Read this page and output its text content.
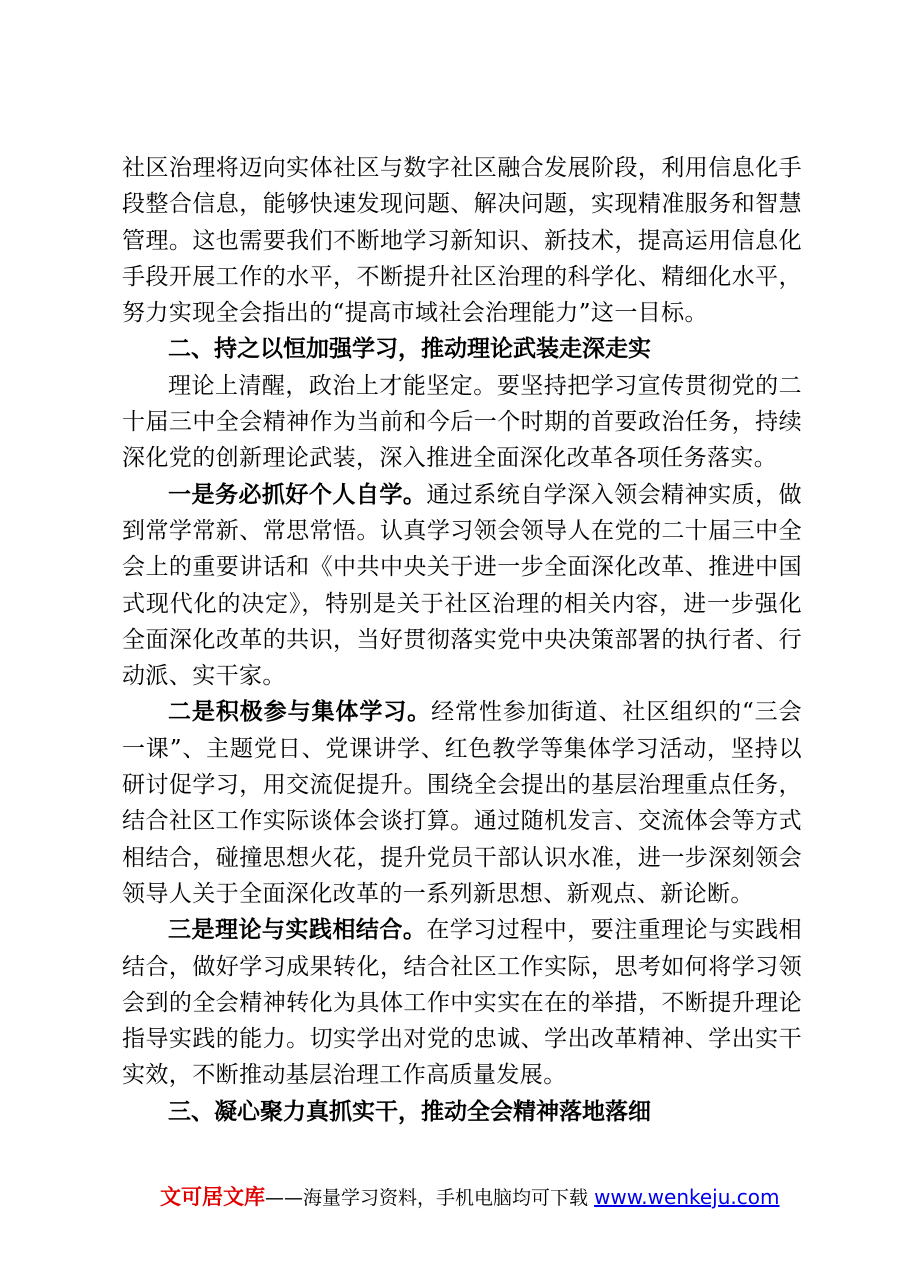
社区治理将迈向实体社区与数字社区融合发展阶段，利用信息化手段整合信息，能够快速发现问题、解决问题，实现精准服务和智慧管理。这也需要我们不断地学习新知识、新技术，提高运用信息化手段开展工作的水平，不断提升社区治理的科学化、精细化水平，努力实现全会指出的“提高市域社会治理能力”这一目标。

二、持之以恒加强学习，推动理论武装走深走实

理论上清醒，政治上才能坚定。要坚持把学习宣传贯彻党的二十届三中全会精神作为当前和今后一个时期的首要政治任务，持续深化党的创新理论武装，深入推进全面深化改革各项任务落实。

一是务必抓好个人自学。通过系统自学深入领会精神实质，做到常学常新、常思常悟。认真学习领会领导人在党的二十届三中全会上的重要讲话和《中共中央关于进一步全面深化改革、推进中国式现代化的决定》，特别是关于社区治理的相关内容，进一步强化全面深化改革的共识，当好贯彻落实党中央决策部署的执行者、行动派、实干家。

二是积极参与集体学习。经常性参加街道、社区组织的“三会一课”、主题党日、党课讲学、红色教学等集体学习活动，坚持以研讨促学习，用交流促提升。围绕全会提出的基层治理重点任务，结合社区工作实际谈体会谈打算。通过随机发言、交流体会等方式相结合，碰撞思想火花，提升党员干部认识水准，进一步深刻领会领导人关于全面深化改革的一系列新思想、新观点、新论断。

三是理论与实践相结合。在学习过程中，要注重理论与实践相结合，做好学习成果转化，结合社区工作实际，思考如何将学习领会到的全会精神转化为具体工作中实实在在的举措，不断提升理论指导实践的能力。切实学出对党的忠诚、学出改革精神、学出实干实效，不断推动基层治理工作高质量发展。

三、凝心聚力真抓实干，推动全会精神落地落细

文可居文库——海量学习资料，手机电脑均可下载 www.wenkeju.com
